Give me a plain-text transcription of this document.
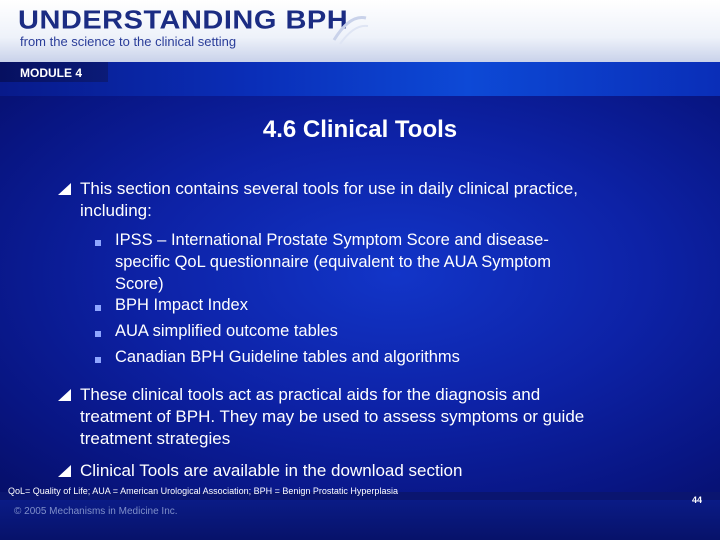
UNDERSTANDING BPH
from the science to the clinical setting
MODULE 4
4.6 Clinical Tools
This section contains several tools for use in daily clinical practice,
including:
IPSS – International Prostate Symptom Score and disease-
specific QoL questionnaire (equivalent to the AUA Symptom
Score)
BPH Impact Index
AUA simplified outcome tables
Canadian BPH Guideline tables and algorithms
These clinical tools act as practical aids for the diagnosis and
treatment of BPH. They may be used to assess symptoms or guide
treatment strategies
Clinical Tools are available in the download section
QoL= Quality of Life; AUA = American Urological Association; BPH = Benign Prostatic Hyperplasia
© 2005 Mechanisms in Medicine Inc.
44
